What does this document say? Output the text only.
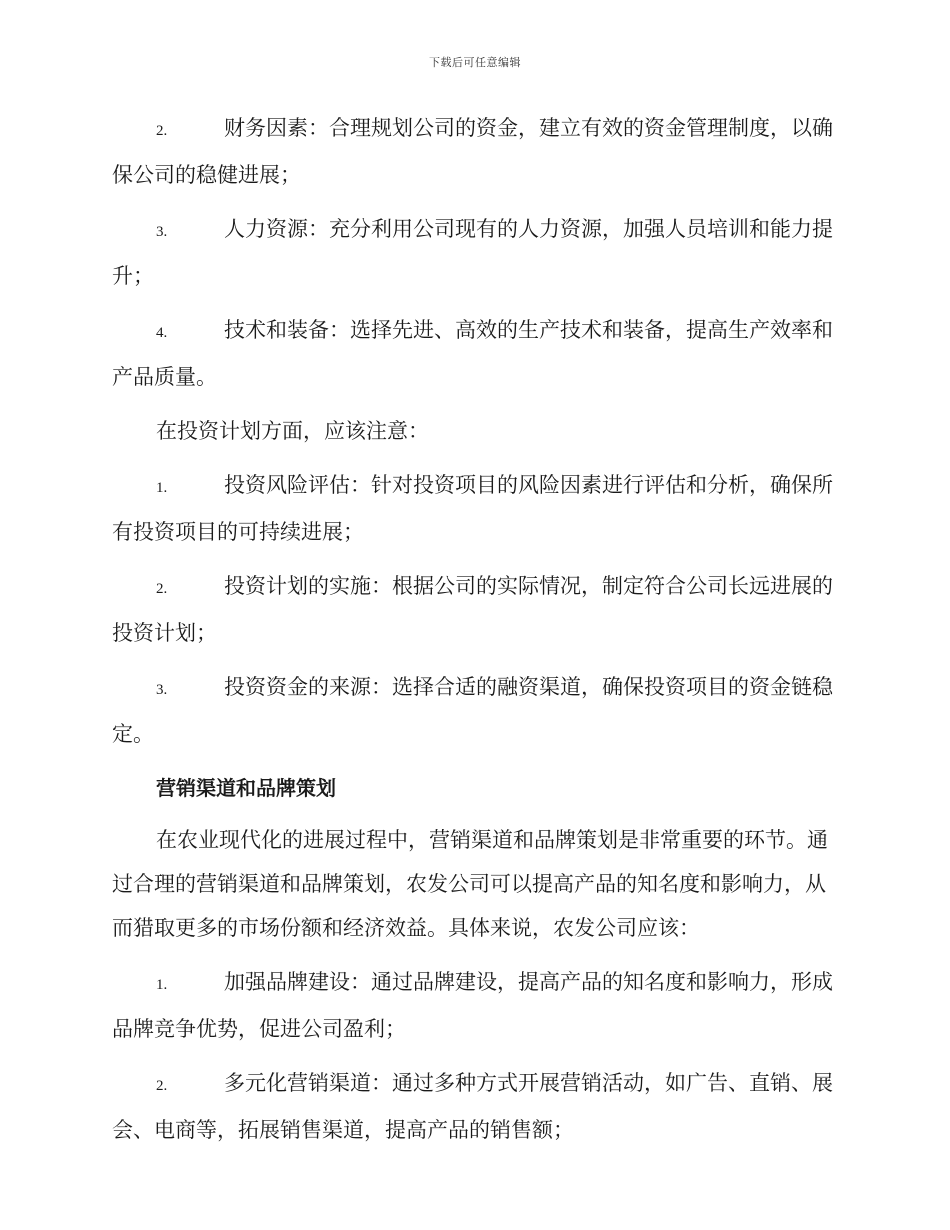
下载后可任意编辑

2.	财务因素：合理规划公司的资金，建立有效的资金管理制度，以确保公司的稳健进展；

3.	人力资源：充分利用公司现有的人力资源，加强人员培训和能力提升；

4.	技术和装备：选择先进、高效的生产技术和装备，提高生产效率和产品质量。

在投资计划方面，应该注意：

1.	投资风险评估：针对投资项目的风险因素进行评估和分析，确保所有投资项目的可持续进展；

2.	投资计划的实施：根据公司的实际情况，制定符合公司长远进展的投资计划；

3.	投资资金的来源：选择合适的融资渠道，确保投资项目的资金链稳定。

营销渠道和品牌策划

在农业现代化的进展过程中，营销渠道和品牌策划是非常重要的环节。通过合理的营销渠道和品牌策划，农发公司可以提高产品的知名度和影响力，从而猎取更多的市场份额和经济效益。具体来说，农发公司应该：

1.	加强品牌建设：通过品牌建设，提高产品的知名度和影响力，形成品牌竞争优势，促进公司盈利；

2.	多元化营销渠道：通过多种方式开展营销活动，如广告、直销、展会、电商等，拓展销售渠道，提高产品的销售额；
